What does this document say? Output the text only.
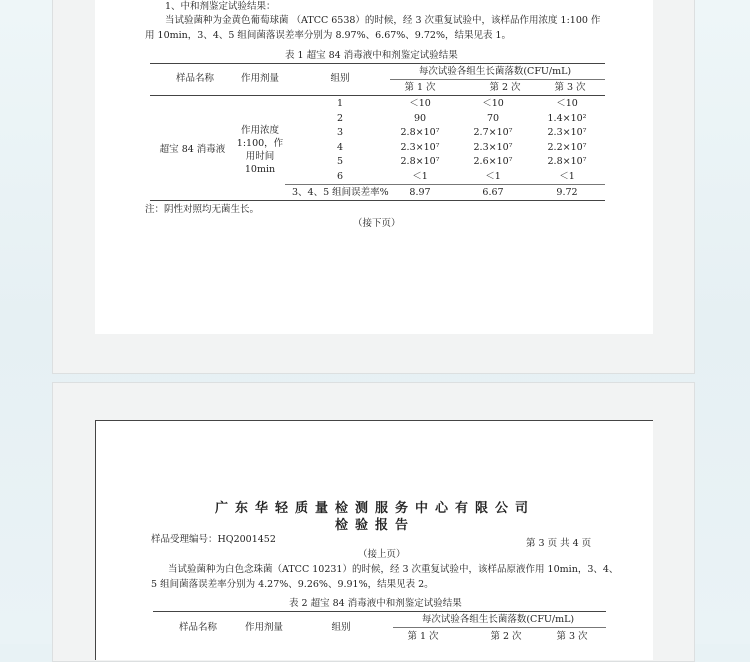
1、中和剂鉴定试验结果：
当试验菌种为金黄色葡萄球菌 （ATCC 6538）的时候，经 3 次重复试验中，该样品作用浓度 1:100 作
用 10min，3、4、5 组间菌落误差率分别为 8.97%、6.67%、9.72%，结果见表 1。
表 1 超宝 84 消毒液中和剂鉴定试验结果
样品名称	作用剂量	组别
每次试验各组生长菌落数(CFU/mL)
第 1 次	第 2 次	第 3 次
超宝 84 消毒液
作用浓度
1:100，作
用时间
10min
1	＜10	＜10	＜10
2	90	70	1.4×10²
3	2.8×10⁷	2.7×10⁷	2.3×10⁷
4	2.3×10⁷	2.3×10⁷	2.2×10⁷
5	2.8×10⁷	2.6×10⁷	2.8×10⁷
6	＜1	＜1	＜1
3、4、5 组间误差率%	8.97	6.67	9.72
注：阴性对照均无菌生长。
（接下页）
广东华轻质量检测服务中心有限公司
检验报告
样品受理编号：HQ2001452	第 3 页 共 4 页
（接上页）
当试验菌种为白色念珠菌（ATCC 10231）的时候，经 3 次重复试验中，该样品原液作用 10min，3、4、
5 组间菌落误差率分别为 4.27%、9.26%、9.91%，结果见表 2。
表 2 超宝 84 消毒液中和剂鉴定试验结果
样品名称	作用剂量	组别
每次试验各组生长菌落数(CFU/mL)
第 1 次	第 2 次	第 3 次
